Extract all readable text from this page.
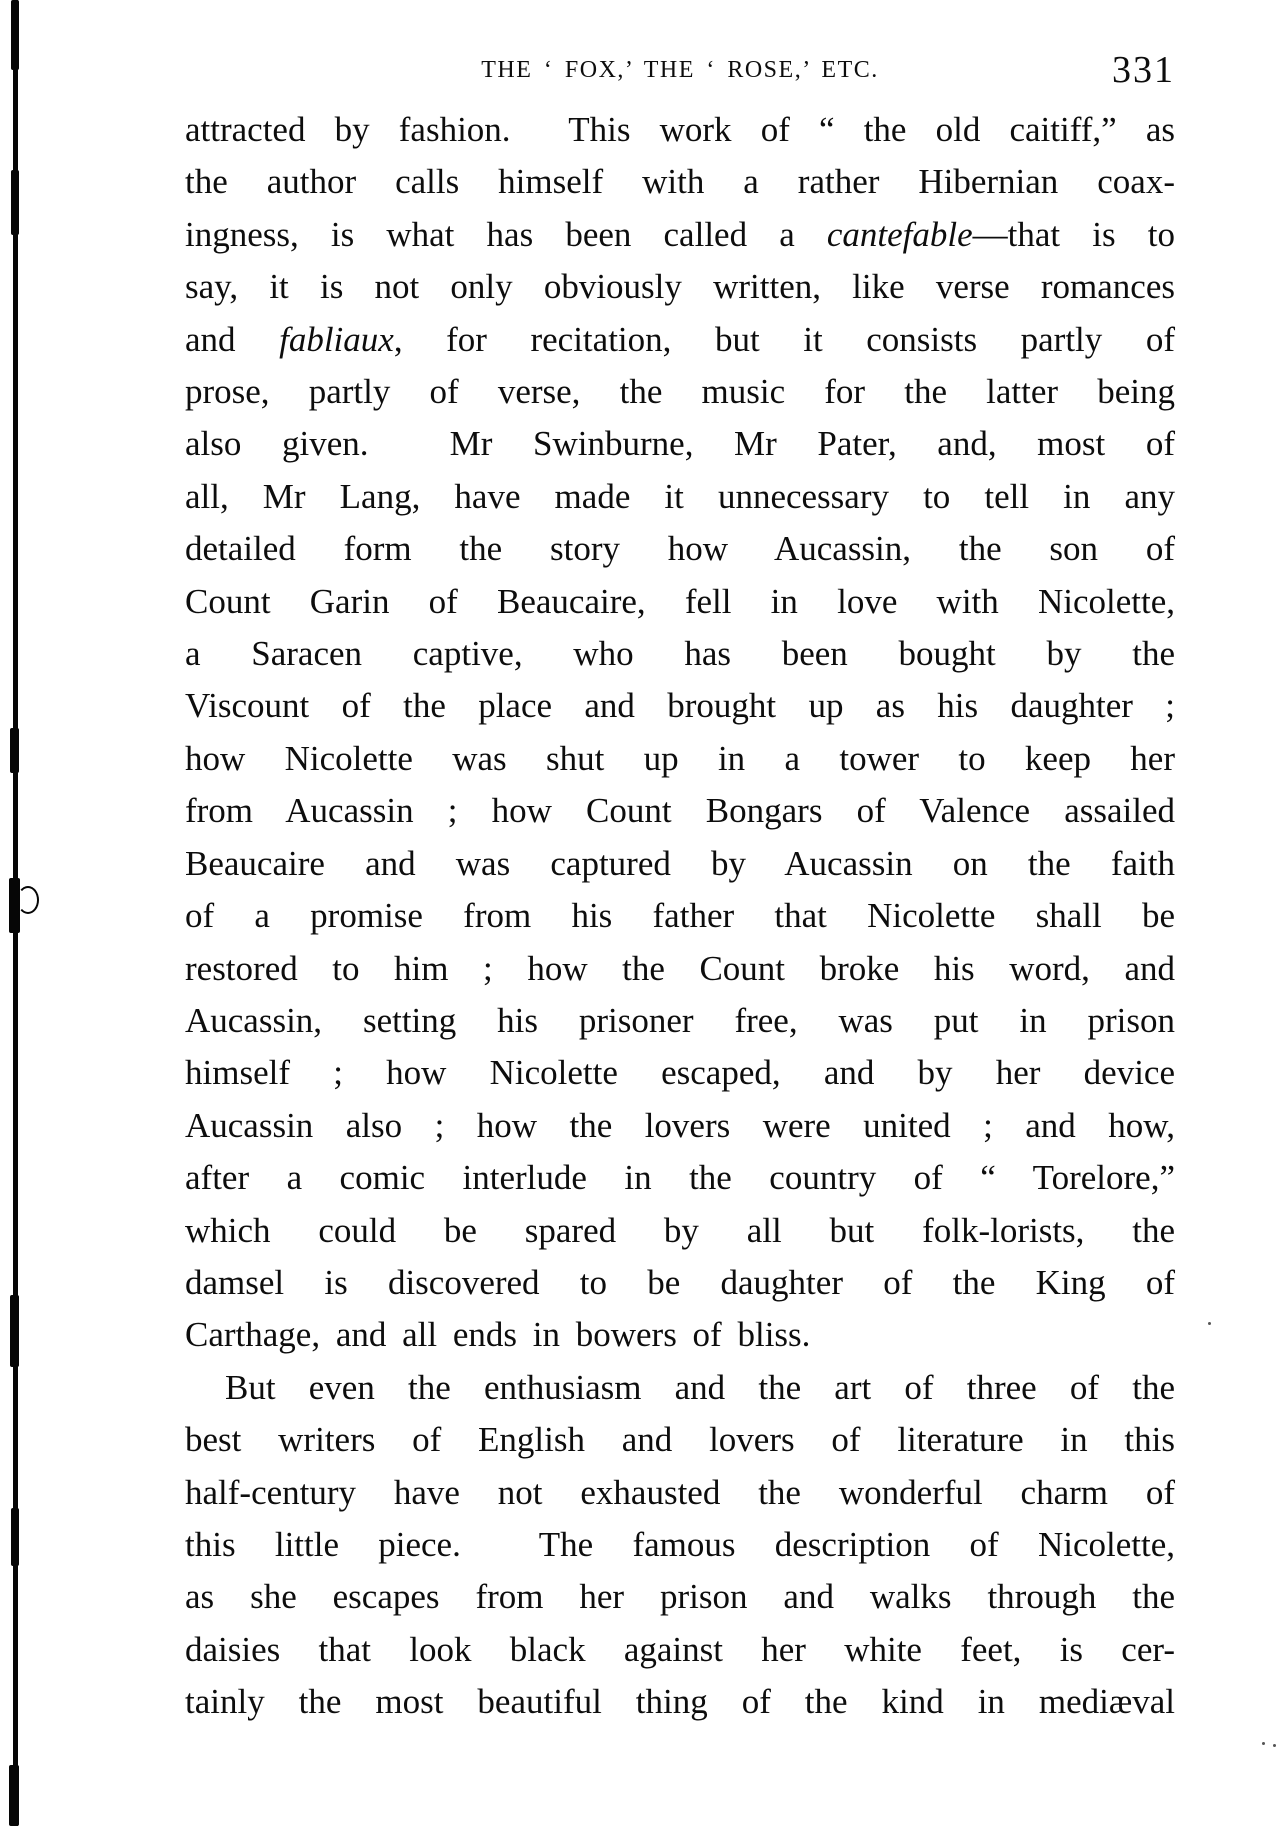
THE ‘ FOX,’ THE ‘ ROSE,’ ETC.	331
attracted by fashion.  This work of “ the old caitiff,” as
the author calls himself with a rather Hibernian coax-
ingness, is what has been called a cantefable—that is to
say, it is not only obviously written, like verse romances
and fabliaux, for recitation, but it consists partly of
prose, partly of verse, the music for the latter being
also given.  Mr Swinburne, Mr Pater, and, most of
all, Mr Lang, have made it unnecessary to tell in any
detailed form the story how Aucassin, the son of
Count Garin of Beaucaire, fell in love with Nicolette,
a Saracen captive, who has been bought by the
Viscount of the place and brought up as his daughter ;
how Nicolette was shut up in a tower to keep her
from Aucassin ; how Count Bongars of Valence assailed
Beaucaire and was captured by Aucassin on the faith
of a promise from his father that Nicolette shall be
restored to him ; how the Count broke his word, and
Aucassin, setting his prisoner free, was put in prison
himself ; how Nicolette escaped, and by her device
Aucassin also ; how the lovers were united ; and how,
after a comic interlude in the country of “ Torelore,”
which could be spared by all but folk-lorists, the
damsel is discovered to be daughter of the King of
Carthage, and all ends in bowers of bliss.
But even the enthusiasm and the art of three of the
best writers of English and lovers of literature in this
half-century have not exhausted the wonderful charm of
this little piece.  The famous description of Nicolette,
as she escapes from her prison and walks through the
daisies that look black against her white feet, is cer-
tainly the most beautiful thing of the kind in mediæval
